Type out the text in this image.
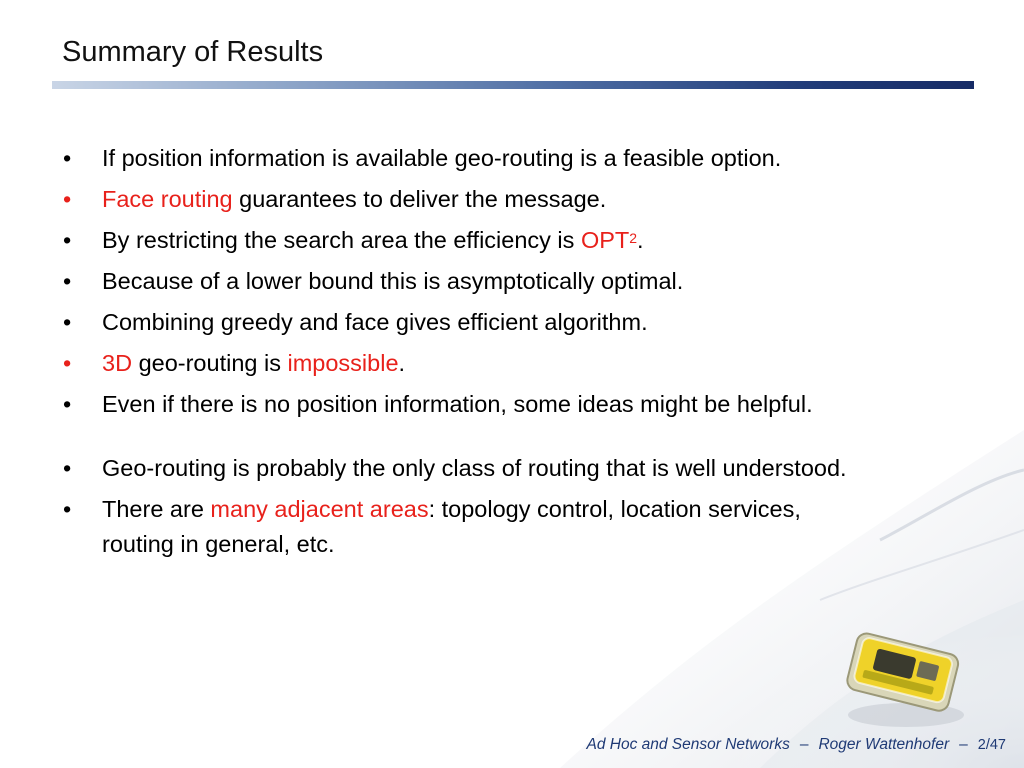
Summary of Results
• If position information is available geo-routing is a feasible option.
• Face routing guarantees to deliver the message.
• By restricting the search area the efficiency is OPT$^2$.
• Because of a lower bound this is asymptotically optimal.
• Combining greedy and face gives efficient algorithm.
• 3D geo-routing is impossible.
• Even if there is no position information, some ideas might be helpful.
• Geo-routing is probably the only class of routing that is well understood.
• There are many adjacent areas: topology control, location services, routing in general, etc.
Ad Hoc and Sensor Networks – Roger Wattenhofer – 2/47
